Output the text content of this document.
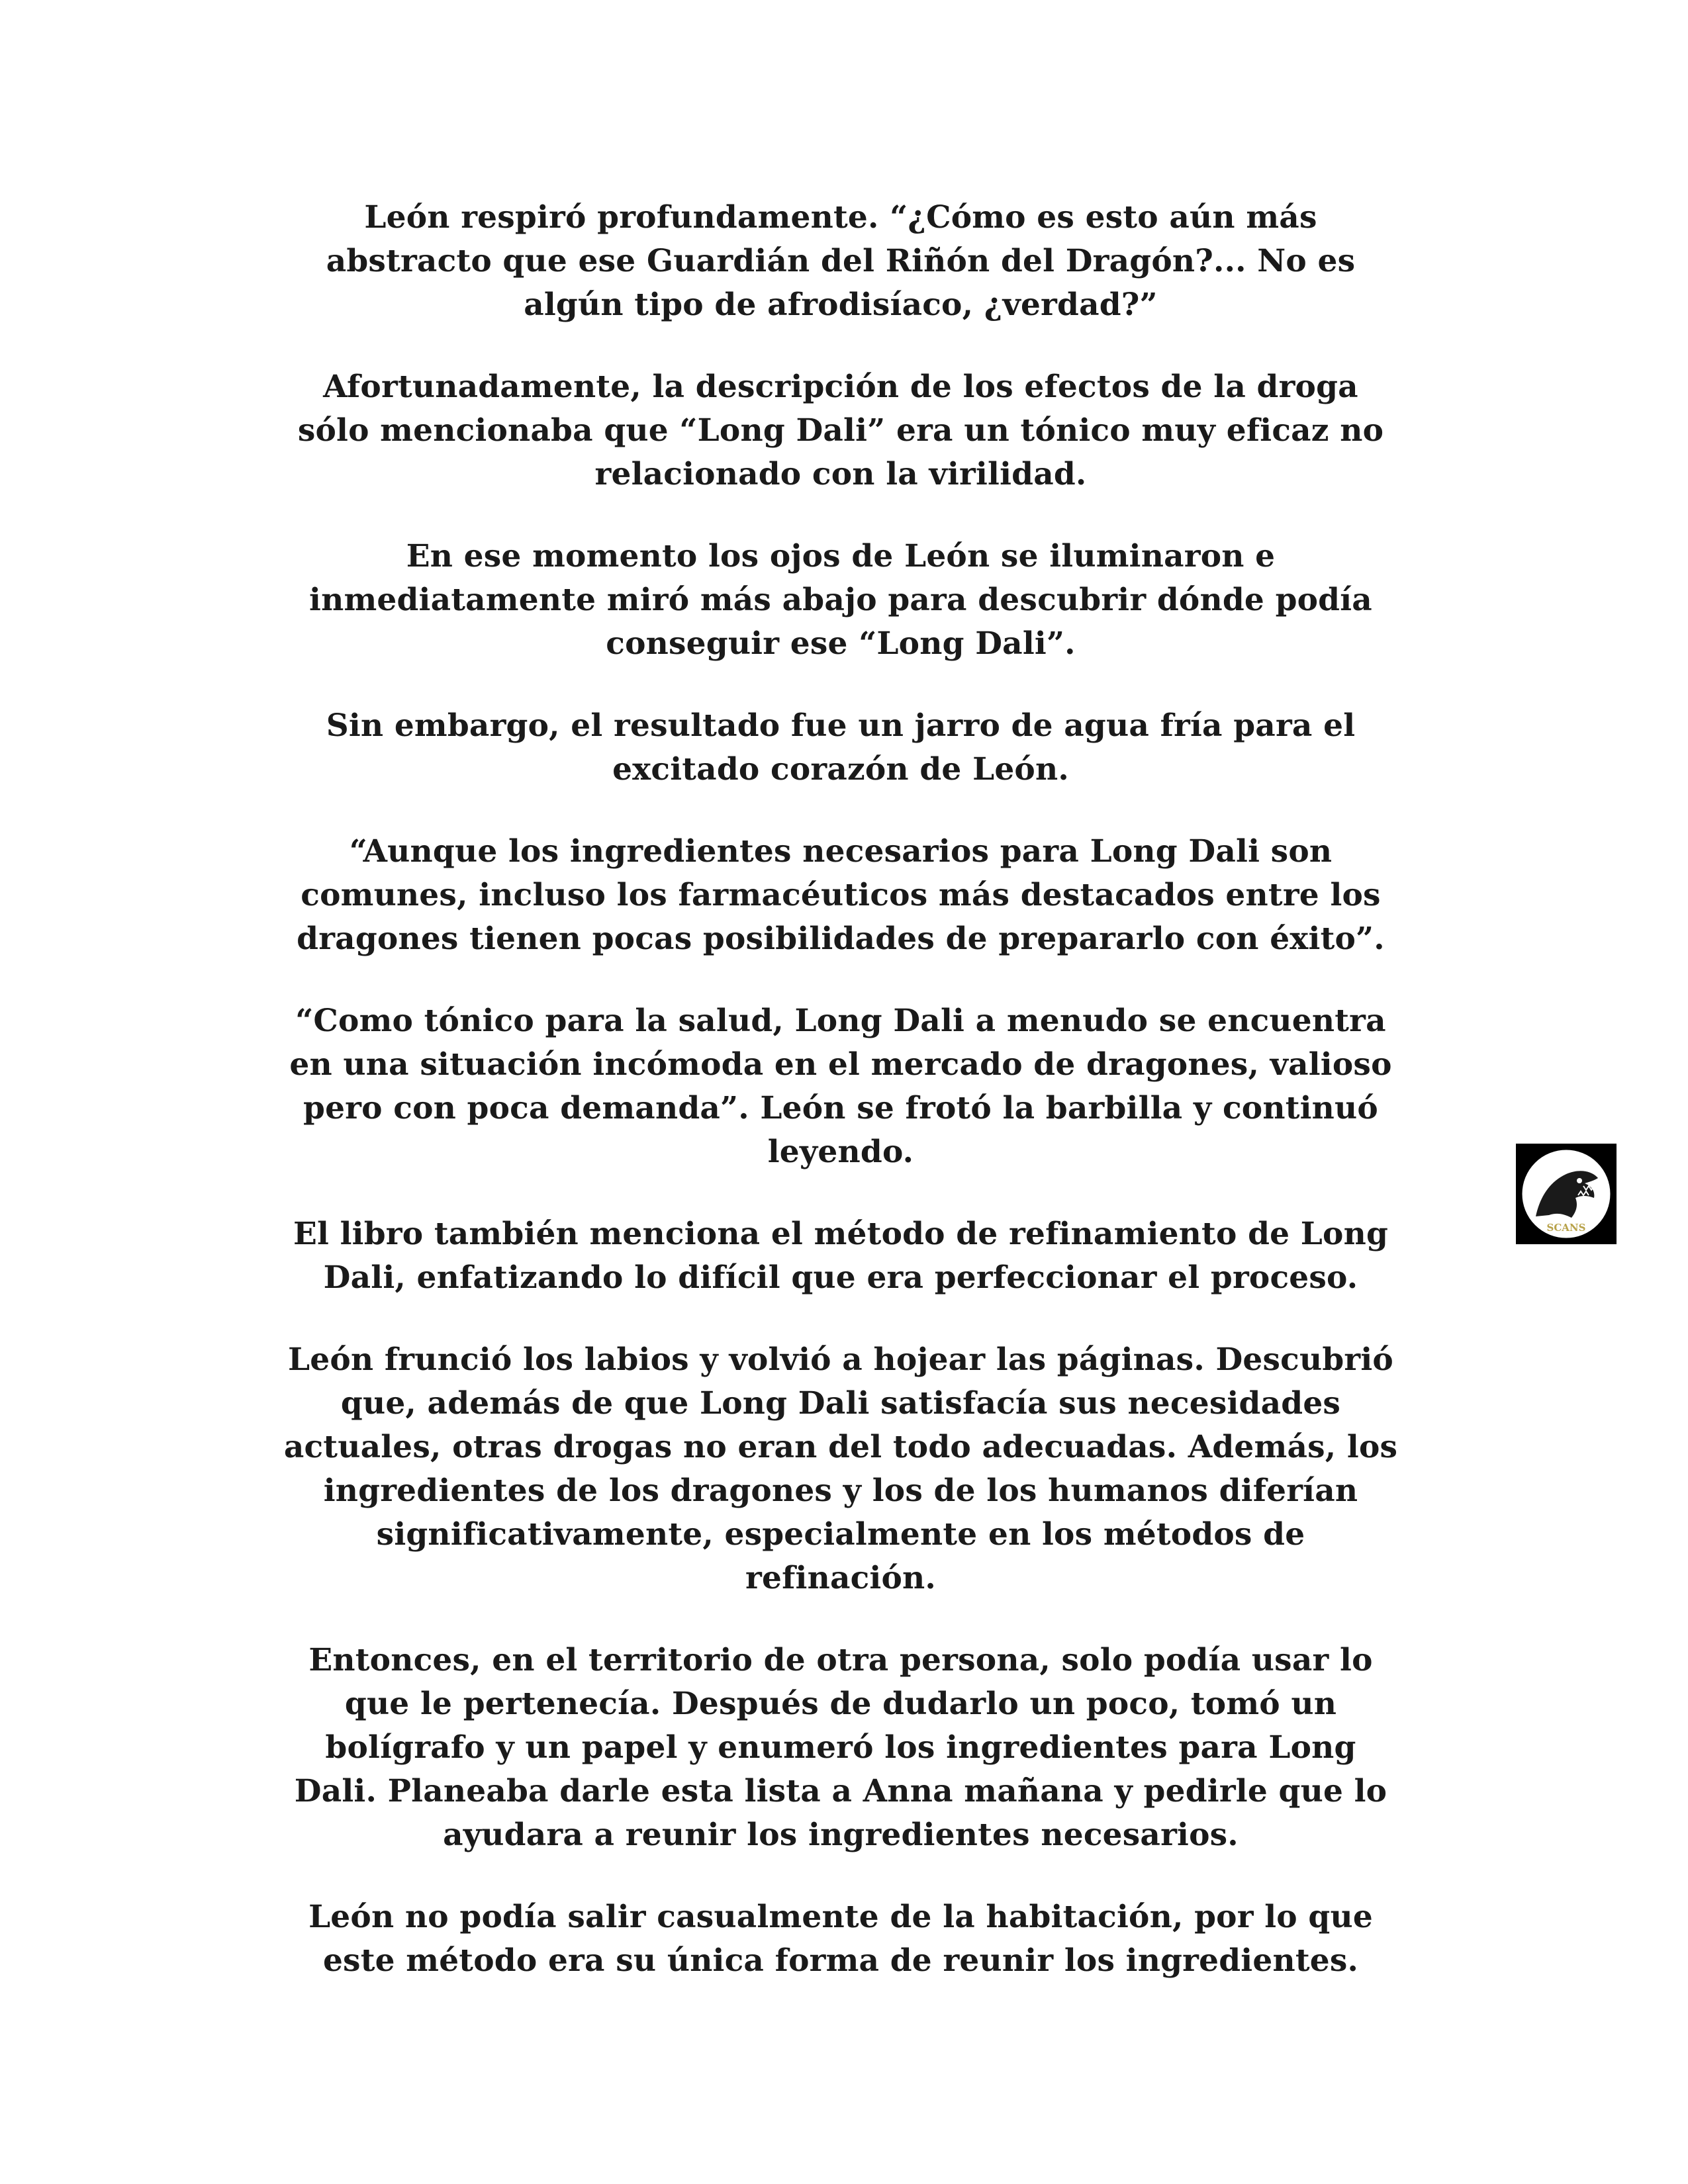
León respiró profundamente. “¿Cómo es esto aún más
abstracto que ese Guardián del Riñón del Dragón?... No es
algún tipo de afrodisíaco, ¿verdad?”

Afortunadamente, la descripción de los efectos de la droga
sólo mencionaba que “Long Dali” era un tónico muy eficaz no
relacionado con la virilidad.

En ese momento los ojos de León se iluminaron e
inmediatamente miró más abajo para descubrir dónde podía
conseguir ese “Long Dali”.

Sin embargo, el resultado fue un jarro de agua fría para el
excitado corazón de León.

“Aunque los ingredientes necesarios para Long Dali son
comunes, incluso los farmacéuticos más destacados entre los
dragones tienen pocas posibilidades de prepararlo con éxito”.

“Como tónico para la salud, Long Dali a menudo se encuentra
en una situación incómoda en el mercado de dragones, valioso
pero con poca demanda”. León se frotó la barbilla y continuó
leyendo.

El libro también menciona el método de refinamiento de Long
Dali, enfatizando lo difícil que era perfeccionar el proceso.

León frunció los labios y volvió a hojear las páginas. Descubrió
que, además de que Long Dali satisfacía sus necesidades
actuales, otras drogas no eran del todo adecuadas. Además, los
ingredientes de los dragones y los de los humanos diferían
significativamente, especialmente en los métodos de
refinación.

Entonces, en el territorio de otra persona, solo podía usar lo
que le pertenecía. Después de dudarlo un poco, tomó un
bolígrafo y un papel y enumeró los ingredientes para Long
Dali. Planeaba darle esta lista a Anna mañana y pedirle que lo
ayudara a reunir los ingredientes necesarios.

León no podía salir casualmente de la habitación, por lo que
este método era su única forma de reunir los ingredientes.

SCANS
